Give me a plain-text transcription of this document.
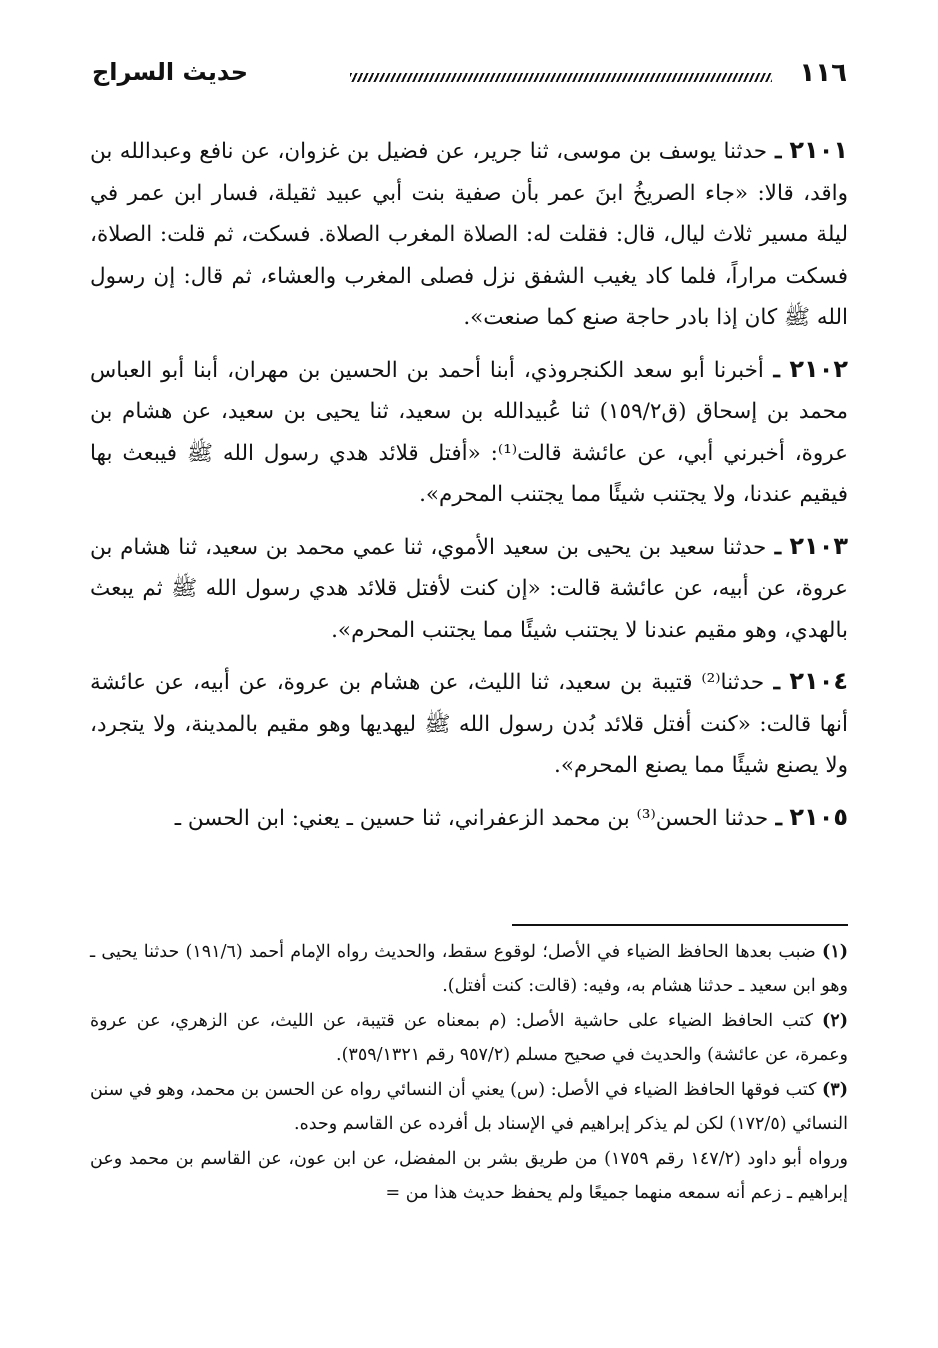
١١٦
حديث السراج

٢١٠١ ـ حدثنا يوسف بن موسى، ثنا جرير، عن فضيل بن غزوان، عن نافع وعبدالله بن واقد، قالا: «جاء الصريخُ ابنَ عمر بأن صفية بنت أبي عبيد ثقيلة، فسار ابن عمر في ليلة مسير ثلاث ليال، قال: فقلت له: الصلاة المغرب الصلاة. فسكت، ثم قلت: الصلاة، فسكت مراراً، فلما كاد يغيب الشفق نزل فصلى المغرب والعشاء، ثم قال: إن رسول الله ﷺ كان إذا بادر حاجة صنع كما صنعت».

٢١٠٢ ـ أخبرنا أبو سعد الكنجروذي، أبنا أحمد بن الحسين بن مهران، أبنا أبو العباس محمد بن إسحاق (ق١٥٩/٢) ثنا عُبيدالله بن سعيد، ثنا يحيى بن سعيد، عن هشام بن عروة، أخبرني أبي، عن عائشة قالت⁽¹⁾: «أفتل قلائد هدي رسول الله ﷺ فيبعث بها فيقيم عندنا، ولا يجتنب شيئًا مما يجتنب المحرم».

٢١٠٣ ـ حدثنا سعيد بن يحيى بن سعيد الأموي، ثنا عمي محمد بن سعيد، ثنا هشام بن عروة، عن أبيه، عن عائشة قالت: «إن كنت لأفتل قلائد هدي رسول الله ﷺ ثم يبعث بالهدي، وهو مقيم عندنا لا يجتنب شيئًا مما يجتنب المحرم».

٢١٠٤ ـ حدثنا⁽²⁾ قتيبة بن سعيد، ثنا الليث، عن هشام بن عروة، عن أبيه، عن عائشة أنها قالت: «كنت أفتل قلائد بُدن رسول الله ﷺ ليهديها وهو مقيم بالمدينة، ولا يتجرد، ولا يصنع شيئًا مما يصنع المحرم».

٢١٠٥ ـ حدثنا الحسن⁽³⁾ بن محمد الزعفراني، ثنا حسين ـ يعني: ابن الحسن ـ

(١) ضبب بعدها الحافظ الضياء في الأصل؛ لوقوع سقط، والحديث رواه الإمام أحمد (١٩١/٦) حدثنا يحيى ـ وهو ابن سعيد ـ حدثنا هشام به، وفيه: (قالت: كنت أفتل).

(٢) كتب الحافظ الضياء على حاشية الأصل: (م بمعناه عن قتيبة، عن الليث، عن الزهري، عن عروة وعمرة، عن عائشة) والحديث في صحيح مسلم (٩٥٧/٢ رقم ٣٥٩/١٣٢١).

(٣) كتب فوقها الحافظ الضياء في الأصل: (س) يعني أن النسائي رواه عن الحسن بن محمد، وهو في سنن النسائي (١٧٢/٥) لكن لم يذكر إبراهيم في الإسناد بل أفرده عن القاسم وحده.

ورواه أبو داود (١٤٧/٢ رقم ١٧٥٩) من طريق بشر بن المفضل، عن ابن عون، عن القاسم بن محمد وعن إبراهيم ـ زعم أنه سمعه منهما جميعًا ولم يحفظ حديث هذا من =
